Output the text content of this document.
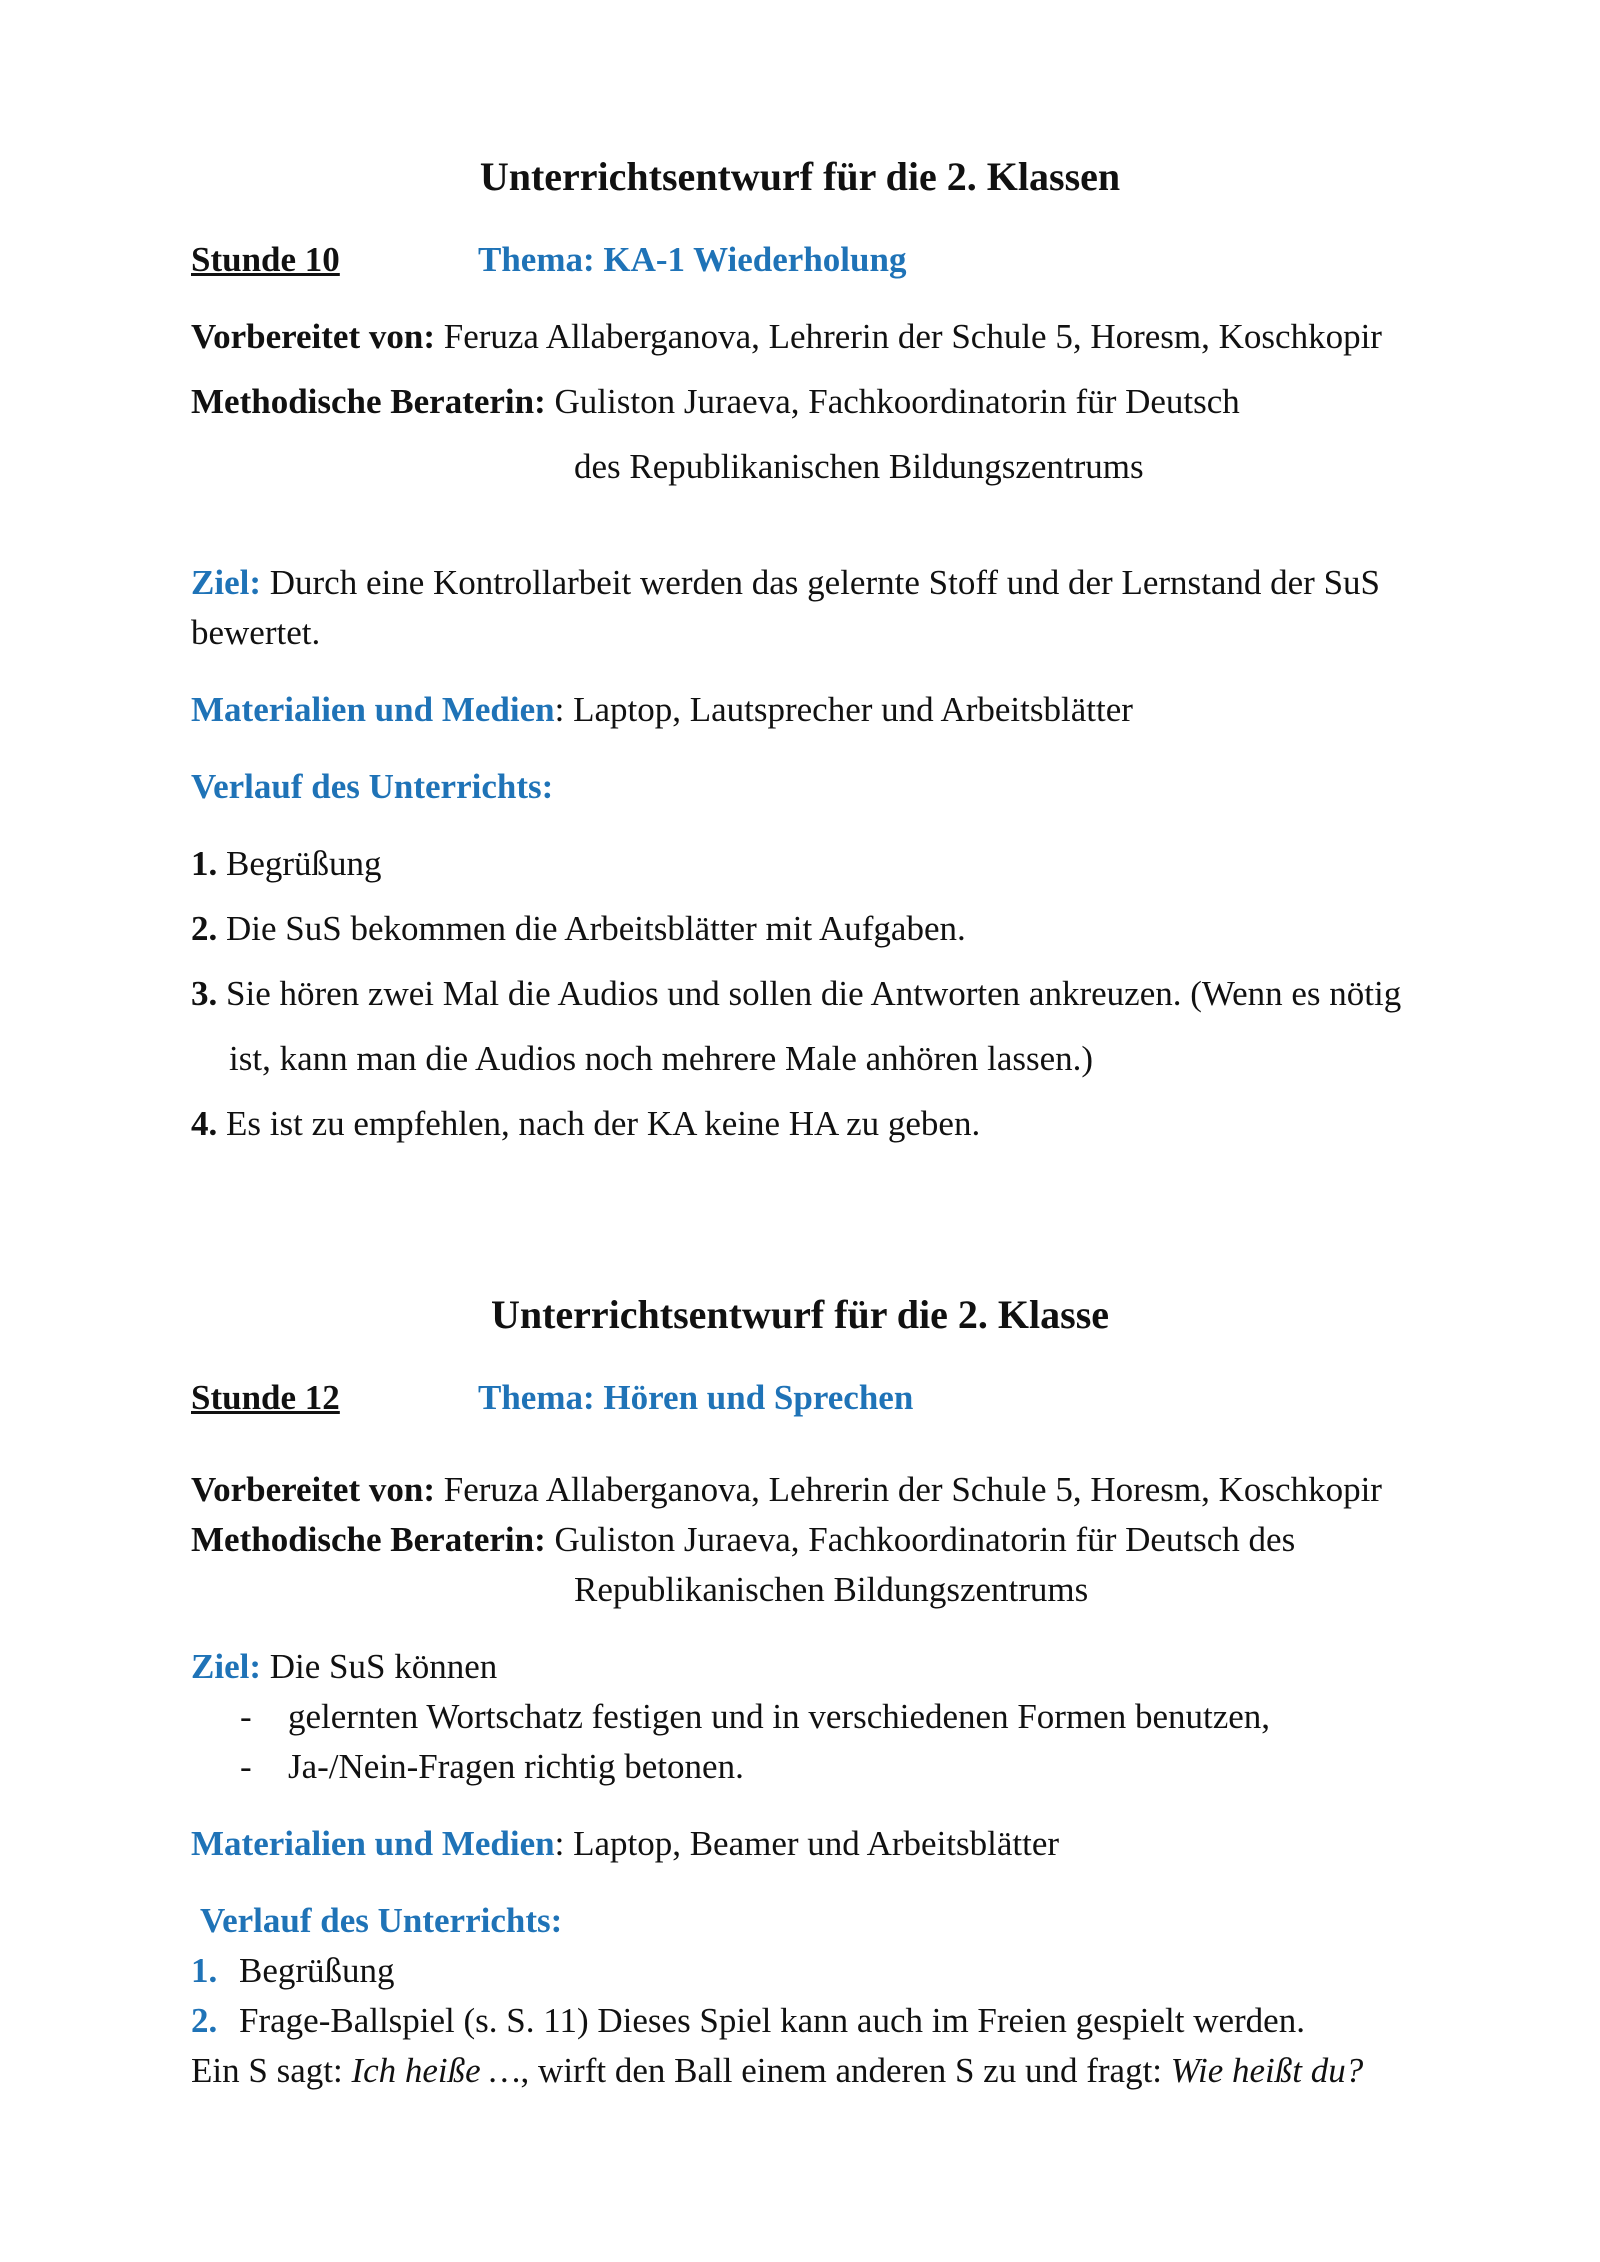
Unterrichtsentwurf für die 2. Klassen
Stunde 10	Thema: KA-1 Wiederholung
Vorbereitet von: Feruza Allaberganova, Lehrerin der Schule 5, Horesm, Koschkopir
Methodische Beraterin: Guliston Juraeva, Fachkoordinatorin für Deutsch
des Republikanischen Bildungszentrums
Ziel: Durch eine Kontrollarbeit werden das gelernte Stoff und der Lernstand der SuS
bewertet.
Materialien und Medien: Laptop, Lautsprecher und Arbeitsblätter
Verlauf des Unterrichts:
1. Begrüßung
2. Die SuS bekommen die Arbeitsblätter mit Aufgaben.
3. Sie hören zwei Mal die Audios und sollen die Antworten ankreuzen. (Wenn es nötig
ist, kann man die Audios noch mehrere Male anhören lassen.)
4. Es ist zu empfehlen, nach der KA keine HA zu geben.
Unterrichtsentwurf für die 2. Klasse
Stunde 12	Thema: Hören und Sprechen
Vorbereitet von: Feruza Allaberganova, Lehrerin der Schule 5, Horesm, Koschkopir
Methodische Beraterin: Guliston Juraeva, Fachkoordinatorin für Deutsch des
Republikanischen Bildungszentrums
Ziel: Die SuS können
- gelernten Wortschatz festigen und in verschiedenen Formen benutzen,
- Ja-/Nein-Fragen richtig betonen.
Materialien und Medien: Laptop, Beamer und Arbeitsblätter
Verlauf des Unterrichts:
1. Begrüßung
2. Frage-Ballspiel (s. S. 11) Dieses Spiel kann auch im Freien gespielt werden.
Ein S sagt: Ich heiße …, wirft den Ball einem anderen S zu und fragt: Wie heißt du?
